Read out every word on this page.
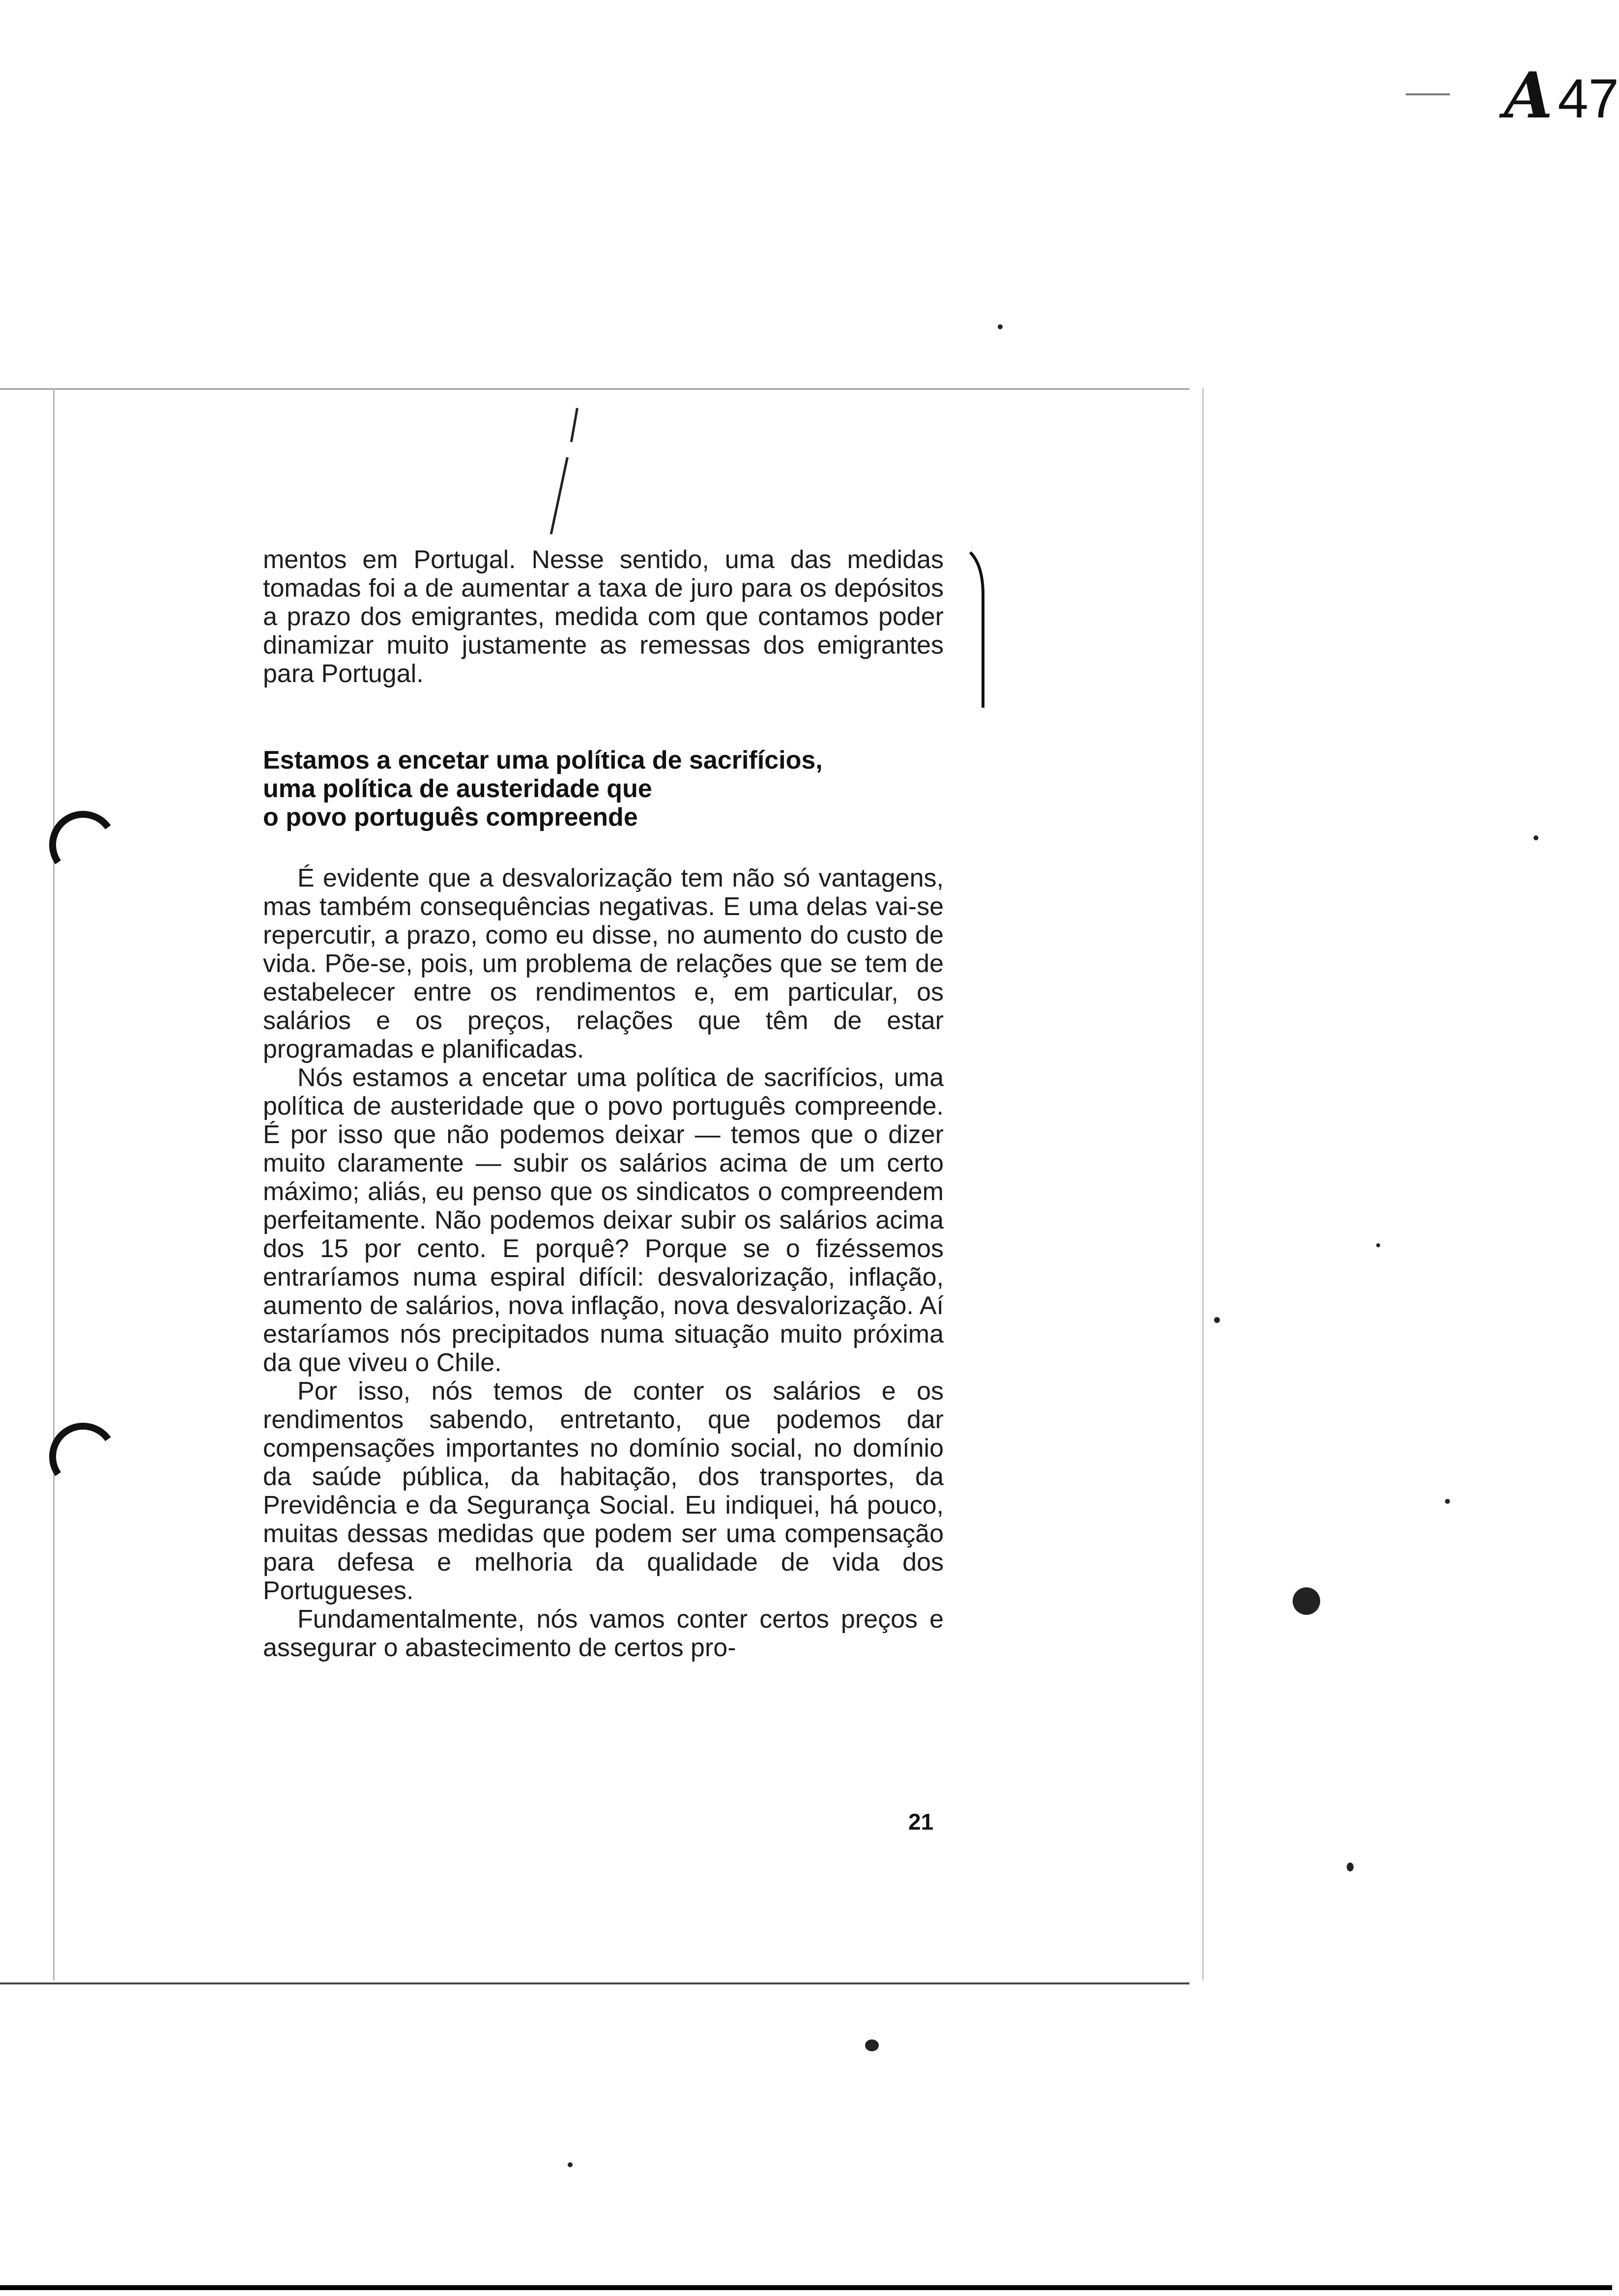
A 47

mentos em Portugal. Nesse sentido, uma das medidas tomadas foi a de aumentar a taxa de juro para os depósitos a prazo dos emigrantes, medida com que contamos poder dinamizar muito justamente as remessas dos emigrantes para Portugal.

Estamos a encetar uma política de sacrifícios,
uma política de austeridade que
o povo português compreende

É evidente que a desvalorização tem não só vantagens, mas também consequências negativas. E uma delas vai-se repercutir, a prazo, como eu disse, no aumento do custo de vida. Põe-se, pois, um problema de relações que se tem de estabelecer entre os rendimentos e, em particular, os salários e os preços, relações que têm de estar programadas e planificadas.

Nós estamos a encetar uma política de sacrifícios, uma política de austeridade que o povo português compreende. É por isso que não podemos deixar — temos que o dizer muito claramente — subir os salários acima de um certo máximo; aliás, eu penso que os sindicatos o compreendem perfeitamente. Não podemos deixar subir os salários acima dos 15 por cento. E porquê? Porque se o fizéssemos entraríamos numa espiral difícil: desvalorização, inflação, aumento de salários, nova inflação, nova desvalorização. Aí estaríamos nós precipitados numa situação muito próxima da que viveu o Chile.

Por isso, nós temos de conter os salários e os rendimentos sabendo, entretanto, que podemos dar compensações importantes no domínio social, no domínio da saúde pública, da habitação, dos transportes, da Previdência e da Segurança Social. Eu indiquei, há pouco, muitas dessas medidas que podem ser uma compensação para defesa e melhoria da qualidade de vida dos Portugueses.

Fundamentalmente, nós vamos conter certos preços e assegurar o abastecimento de certos pro-

21
